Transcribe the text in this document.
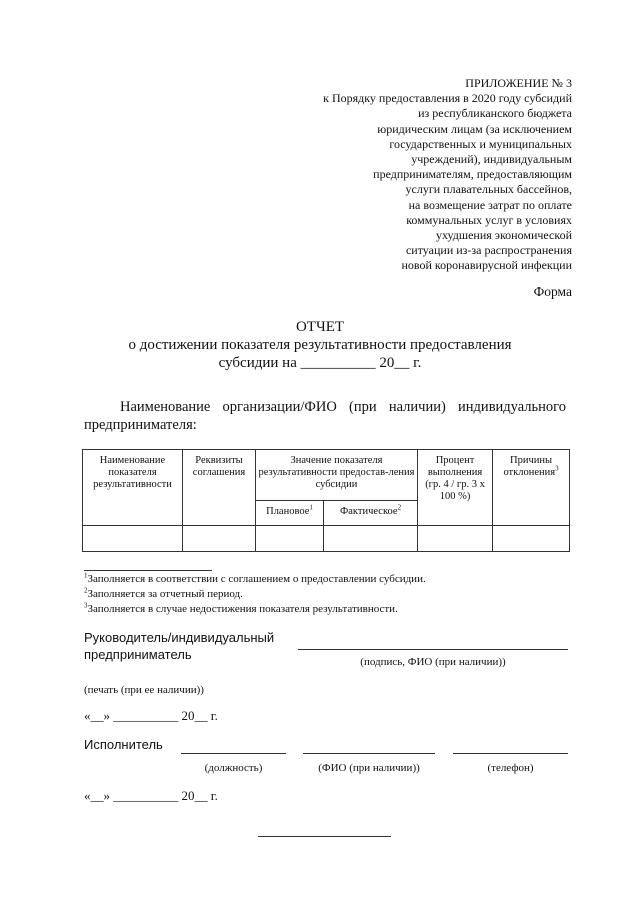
ПРИЛОЖЕНИЕ № 3
к Порядку предоставления в 2020 году субсидий
из республиканского бюджета
юридическим лицам (за исключением
государственных и муниципальных
учреждений), индивидуальным
предпринимателям, предоставляющим
услуги плавательных бассейнов,
на возмещение затрат по оплате
коммунальных услуг в условиях
ухудшения экономической
ситуации из-за распространения
новой коронавирусной инфекции
Форма
ОТЧЕТ
о достижении показателя результативности предоставления
субсидии на __________ 20__ г.
Наименование организации/ФИО (при наличии) индивидуального предпринимателя:
Наименование показателя результативности	Реквизиты соглашения	Значение показателя результативности предостав-ления субсидии		Процент выполнения (гр. 4 / гр. 3 х 100 %)	Причины отклонения$^3$
		Плановое$^1$	Фактическое$^2$

$^1$Заполняется в соответствии с соглашением о предоставлении субсидии.
$^2$Заполняется за отчетный период.
$^3$Заполняется в случае недостижения показателя результативности.
Руководитель/индивидуальный
предприниматель	(подпись, ФИО (при наличии))
(печать (при ее наличии))
«__» __________ 20__ г.
Исполнитель
(должность)	(ФИО (при наличии))	(телефон)
«__» __________ 20__ г.
